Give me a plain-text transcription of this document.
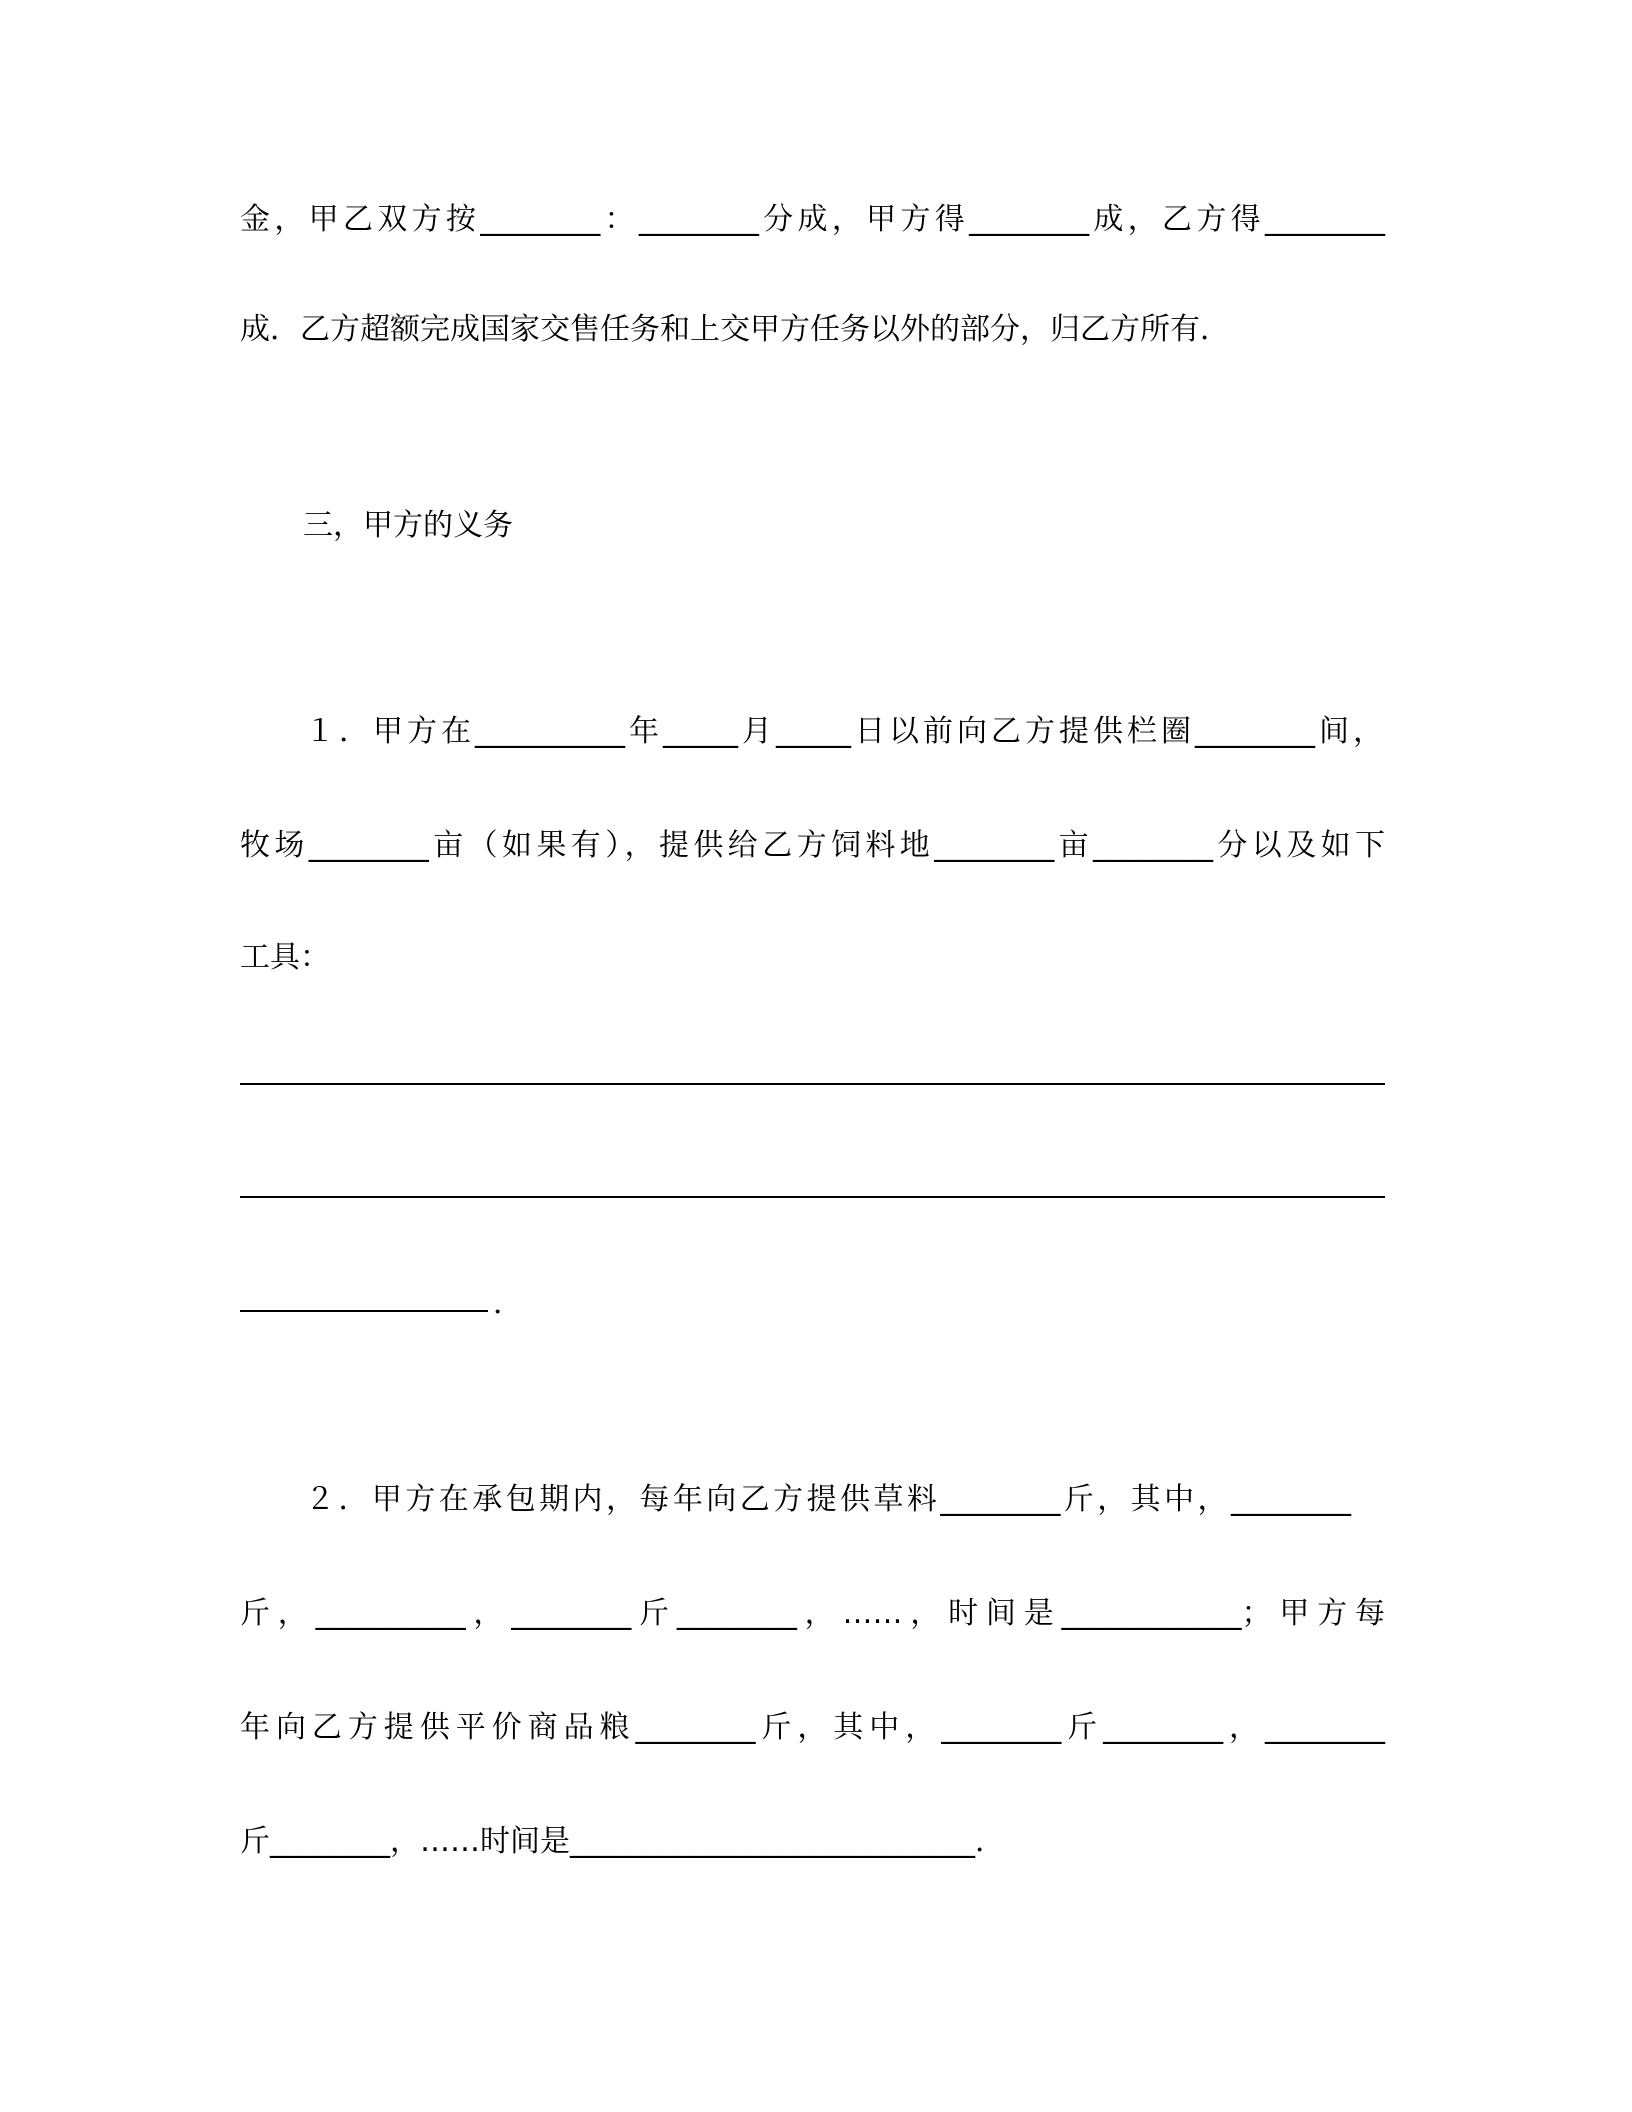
金，甲乙双方按________：________分成，甲方得________成，乙方得________
成．乙方超额完成国家交售任务和上交甲方任务以外的部分，归乙方所有．
三，甲方的义务
１．甲方在__________年_____月_____日以前向乙方提供栏圈________间，
牧场________亩（如果有），提供给乙方饲料地________亩________分以及如下
工具：
．
２．甲方在承包期内，每年向乙方提供草料________斤，其中，________
斤，__________，________斤________，……，时间是____________；甲方每
年向乙方提供平价商品粮________斤，其中，________斤________，________
斤________，……时间是___________________________．
